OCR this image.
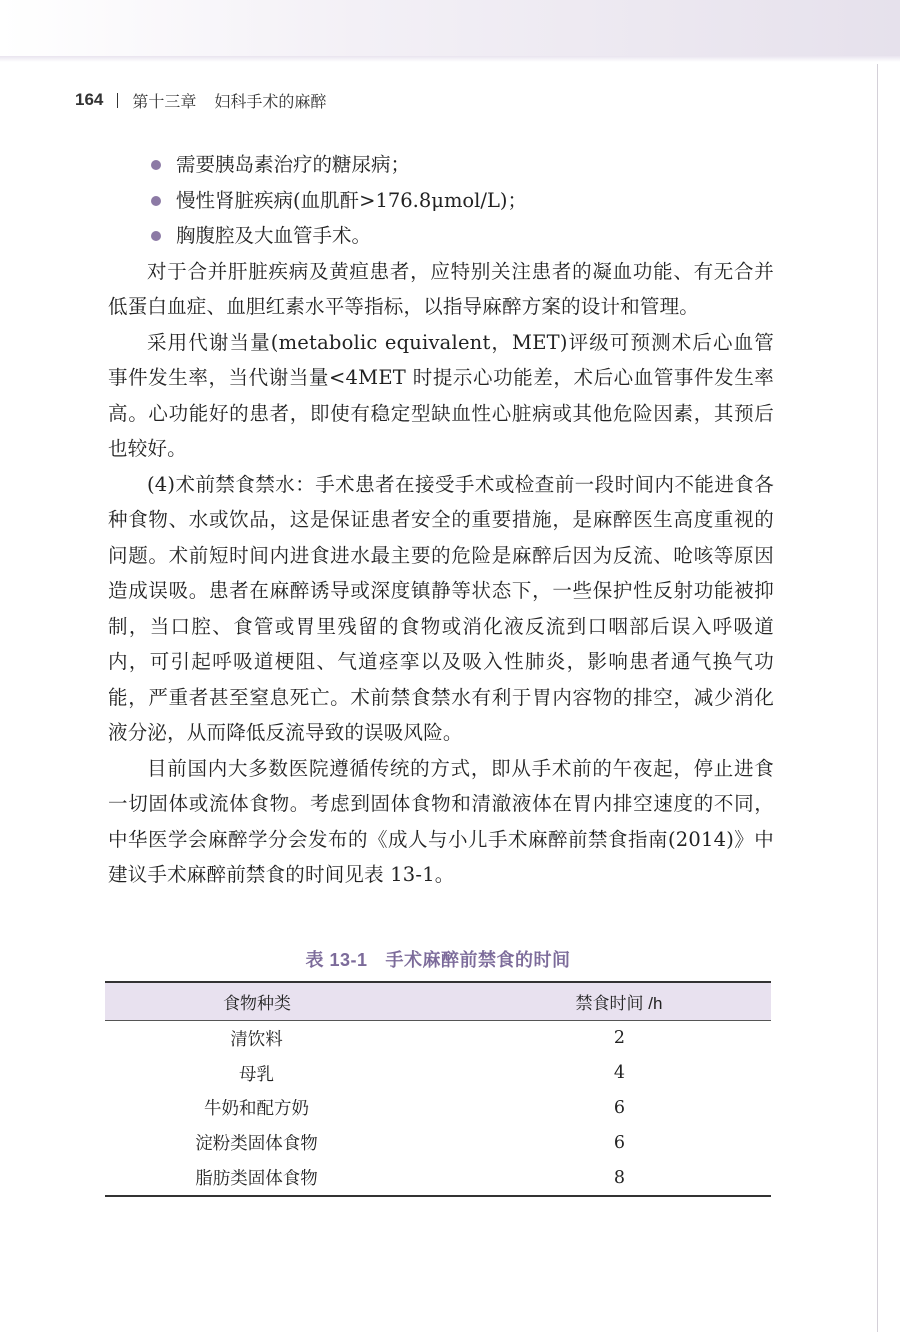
164 第十三章 妇科手术的麻醉
需要胰岛素治疗的糖尿病；
慢性肾脏疾病(血肌酐>176.8μmol/L)；
胸腹腔及大血管手术。

对于合并肝脏疾病及黄疸患者，应特别关注患者的凝血功能、有无合并低蛋白血症、血胆红素水平等指标，以指导麻醉方案的设计和管理。

采用代谢当量(metabolic equivalent，MET)评级可预测术后心血管事件发生率，当代谢当量<4MET 时提示心功能差，术后心血管事件发生率高。心功能好的患者，即使有稳定型缺血性心脏病或其他危险因素，其预后也较好。

(4)术前禁食禁水：手术患者在接受手术或检查前一段时间内不能进食各种食物、水或饮品，这是保证患者安全的重要措施，是麻醉医生高度重视的问题。术前短时间内进食进水最主要的危险是麻醉后因为反流、呛咳等原因造成误吸。患者在麻醉诱导或深度镇静等状态下，一些保护性反射功能被抑制，当口腔、食管或胃里残留的食物或消化液反流到口咽部后误入呼吸道内，可引起呼吸道梗阻、气道痉挛以及吸入性肺炎，影响患者通气换气功能，严重者甚至窒息死亡。术前禁食禁水有利于胃内容物的排空，减少消化液分泌，从而降低反流导致的误吸风险。

目前国内大多数医院遵循传统的方式，即从手术前的午夜起，停止进食一切固体或流体食物。考虑到固体食物和清澈液体在胃内排空速度的不同，中华医学会麻醉学分会发布的《成人与小儿手术麻醉前禁食指南(2014)》中建议手术麻醉前禁食的时间见表 13-1。

表 13-1 手术麻醉前禁食的时间
食物种类	禁食时间 /h
清饮料	2
母乳	4
牛奶和配方奶	6
淀粉类固体食物	6
脂肪类固体食物	8
